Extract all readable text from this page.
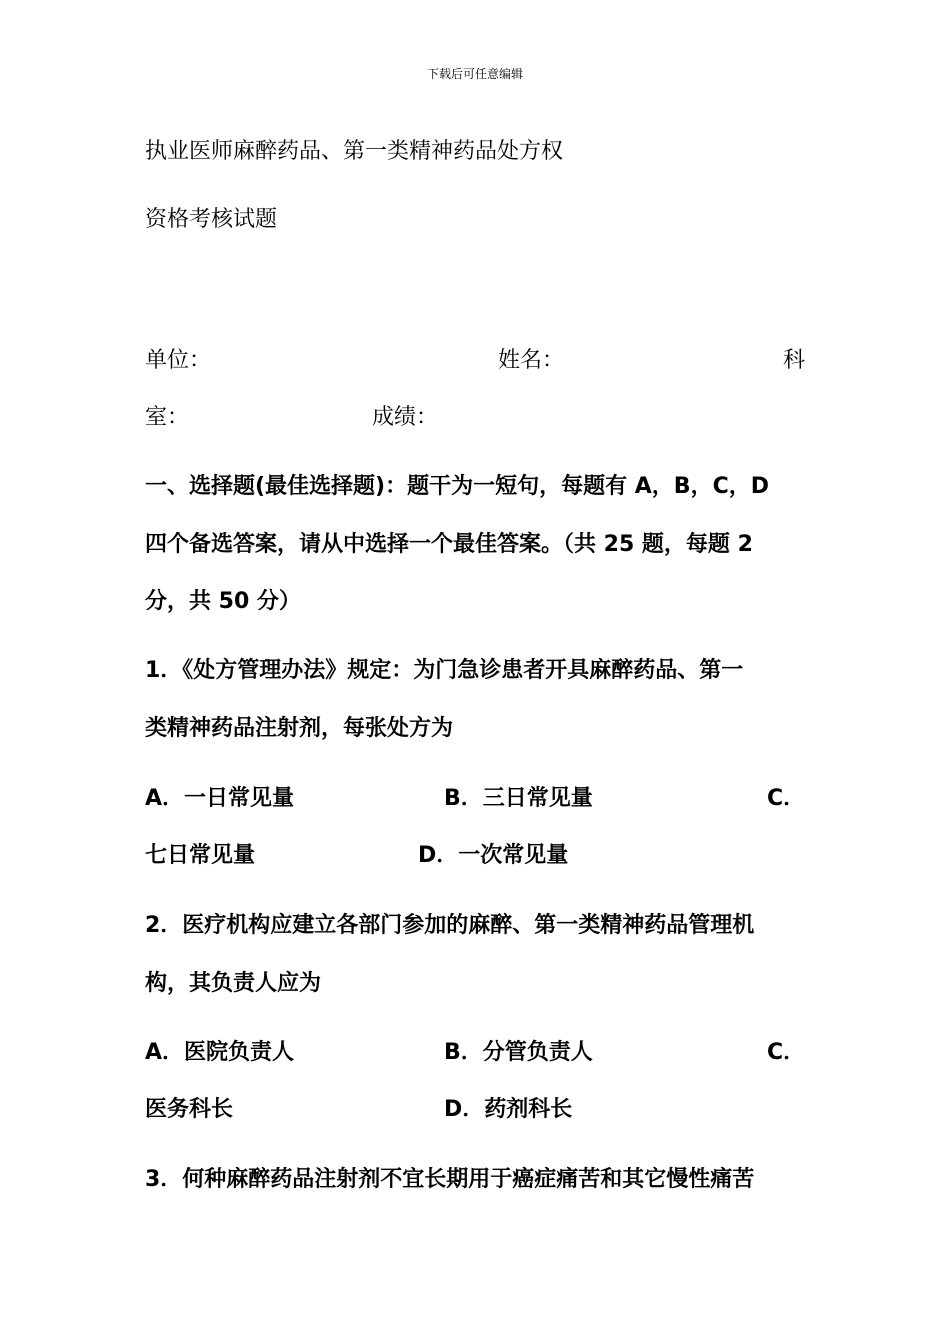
下载后可任意编辑
执业医师麻醉药品、第一类精神药品处方权
资格考核试题
单位：	姓名：	科
室：	成绩：
一、选择题(最佳选择题)：题干为一短句，每题有 A，B，C，D
四个备选答案，请从中选择一个最佳答案。（共 25 题，每题 2
分，共 50 分）
1．《处方管理办法》规定：为门急诊患者开具麻醉药品、第一
类精神药品注射剂，每张处方为
A．一日常见量	B．三日常见量	C．
七日常见量	D．一次常见量
2．医疗机构应建立各部门参加的麻醉、第一类精神药品管理机
构，其负责人应为
A．医院负责人	B．分管负责人	C．
医务科长	D．药剂科长
3．何种麻醉药品注射剂不宜长期用于癌症痛苦和其它慢性痛苦
